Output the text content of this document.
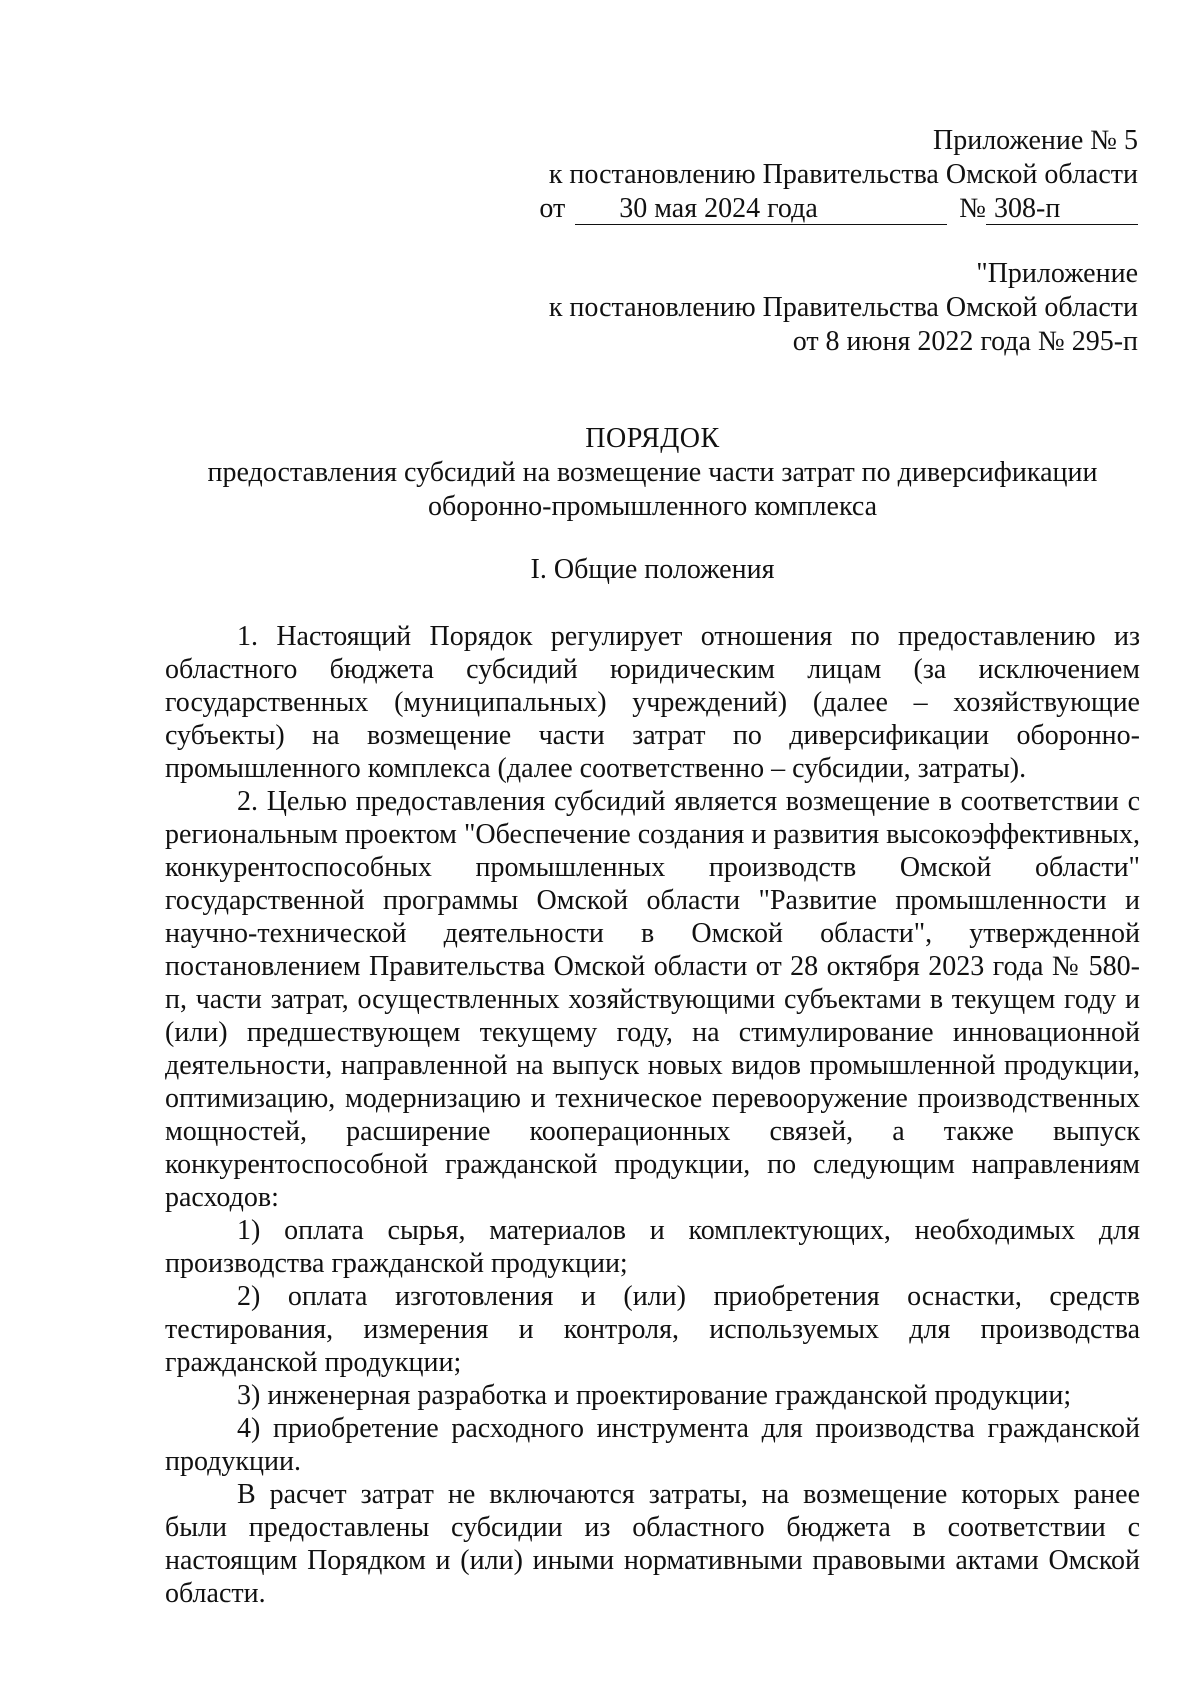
Приложение № 5
к постановлению Правительства Омской области
от	30 мая 2024 года	№ 308-п
"Приложение
к постановлению Правительства Омской области
от 8 июня 2022 года № 295-п
ПОРЯДОК
предоставления субсидий на возмещение части затрат по диверсификации
оборонно-промышленного комплекса
I. Общие положения

1. Настоящий Порядок регулирует отношения по предоставлению из областного бюджета субсидий юридическим лицам (за исключением государственных (муниципальных) учреждений) (далее – хозяйствующие субъекты) на возмещение части затрат по диверсификации оборонно-промышленного комплекса (далее соответственно – субсидии, затраты).

2. Целью предоставления субсидий является возмещение в соответствии с региональным проектом "Обеспечение создания и развития высокоэффективных, конкурентоспособных промышленных производств Омской области" государственной программы Омской области "Развитие промышленности и научно-технической деятельности в Омской области", утвержденной постановлением Правительства Омской области от 28 октября 2023 года № 580-п, части затрат, осуществленных хозяйствующими субъектами в текущем году и (или) предшествующем текущему году, на стимулирование инновационной деятельности, направленной на выпуск новых видов промышленной продукции, оптимизацию, модернизацию и техническое перевооружение производственных мощностей, расширение кооперационных связей, а также выпуск конкурентоспособной гражданской продукции, по следующим направлениям расходов:

1) оплата сырья, материалов и комплектующих, необходимых для производства гражданской продукции;

2) оплата изготовления и (или) приобретения оснастки, средств тестирования, измерения и контроля, используемых для производства гражданской продукции;

3) инженерная разработка и проектирование гражданской продукции;

4) приобретение расходного инструмента для производства гражданской продукции.

В расчет затрат не включаются затраты, на возмещение которых ранее были предоставлены субсидии из областного бюджета в соответствии с настоящим Порядком и (или) иными нормативными правовыми актами Омской области.
